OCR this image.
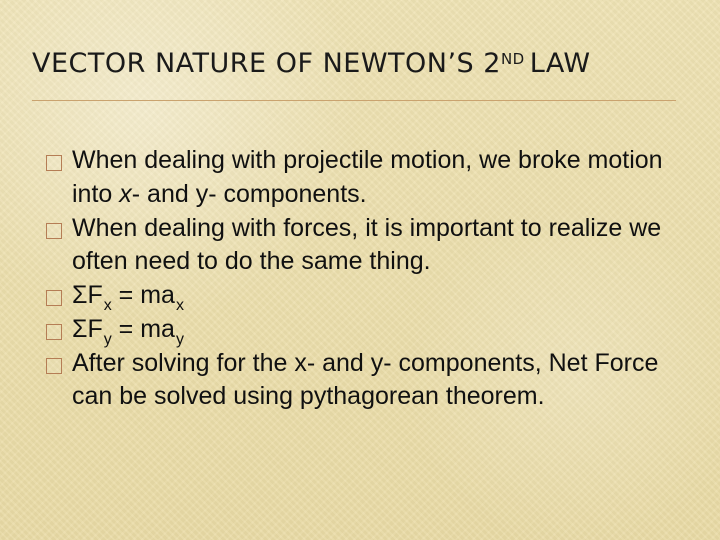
VECTOR NATURE OF NEWTON’S 2ND LAW
When dealing with projectile motion, we broke motion into x- and y- components.
When dealing with forces, it is important to realize we often need to do the same thing.
$\Sigma F_x = ma_x$
$\Sigma F_y = ma_y$
After solving for the x- and y- components, Net Force can be solved using pythagorean theorem.
